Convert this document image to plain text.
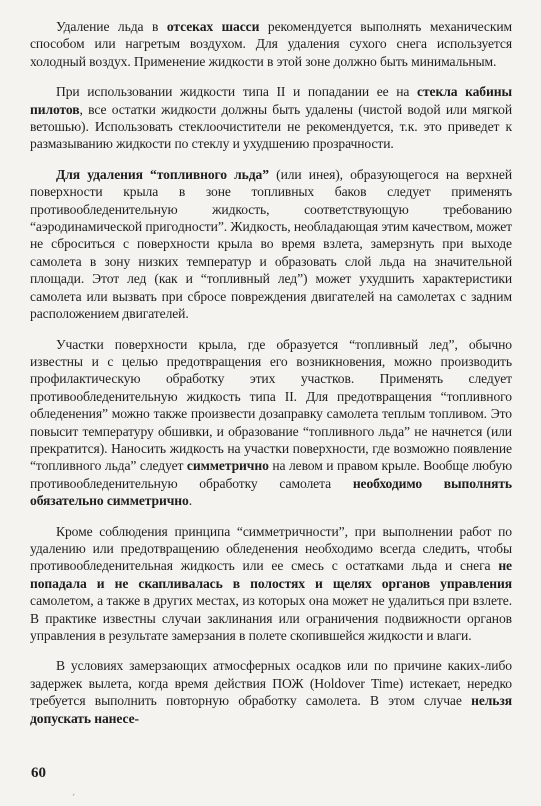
Удаление льда в отсеках шасси рекомендуется выполнять механическим способом или нагретым воздухом. Для удаления сухого снега используется холодный воздух. Применение жидкости в этой зоне должно быть минимальным.

При использовании жидкости типа II и попадании ее на стекла кабины пилотов, все остатки жидкости должны быть удалены (чистой водой или мягкой ветошью). Использовать стеклоочистители не рекомендуется, т.к. это приведет к размазыванию жидкости по стеклу и ухудшению прозрачности.

Для удаления “топливного льда” (или инея), образующегося на верхней поверхности крыла в зоне топливных баков следует применять противообледенительную жидкость, соответствующую требованию “аэродинамической пригодности”. Жидкость, необладающая этим качеством, может не сброситься с поверхности крыла во время взлета, замерзнуть при выходе самолета в зону низких температур и образовать слой льда на значительной площади. Этот лед (как и “топливный лед”) может ухудшить характеристики самолета или вызвать при сбросе повреждения двигателей на самолетах с задним расположением двигателей.

Участки поверхности крыла, где образуется “топливный лед”, обычно известны и с целью предотвращения его возникновения, можно производить профилактическую обработку этих участков. Применять следует противообледенительную жидкость типа II. Для предотвращения “топливного обледенения” можно также произвести дозаправку самолета теплым топливом. Это повысит температуру обшивки, и образование “топливного льда” не начнется (или прекратится). Наносить жидкость на участки поверхности, где возможно появление “топливного льда” следует симметрично на левом и правом крыле. Вообще любую противообледенительную обработку самолета необходимо выполнять обязательно симметрично.

Кроме соблюдения принципа “симметричности”, при выполнении работ по удалению или предотвращению обледенения необходимо всегда следить, чтобы противообледенительная жидкость или ее смесь с остатками льда и снега не попадала и не скапливалась в полостях и щелях органов управления самолетом, а также в других местах, из которых она может не удалиться при взлете. В практике известны случаи заклинания или ограничения подвижности органов управления в результате замерзания в полете скопившейся жидкости и влаги.

В условиях замерзающих атмосферных осадков или по причине каких-либо задержек вылета, когда время действия ПОЖ (Holdover Time) истекает, нередко требуется выполнить повторную обработку самолета. В этом случае нельзя допускать нанесе-

60
ˊ
